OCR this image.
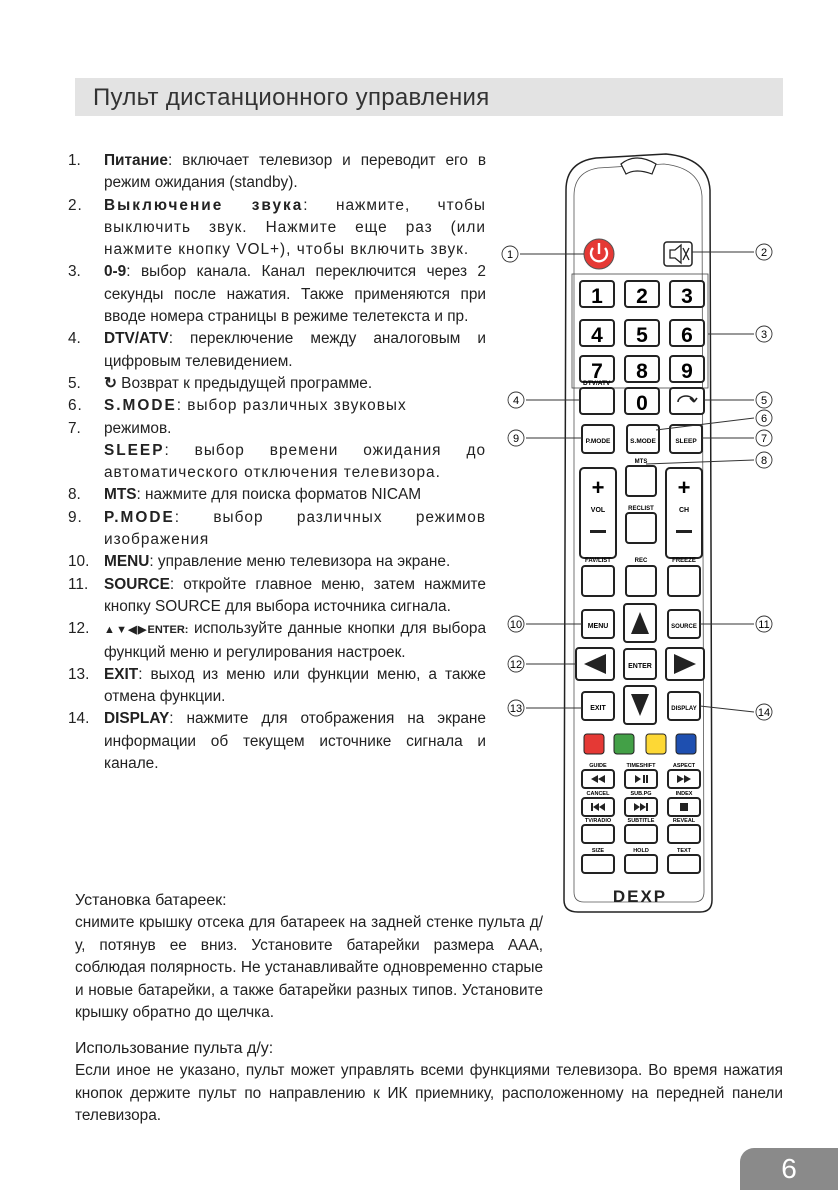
Пульт дистанционного управления
1. Питание: включает телевизор и переводит его в режим ожидания (standby).
2. Выключение звука: нажмите, чтобы выключить звук. Нажмите еще раз (или нажмите кнопку VOL+), чтобы включить звук.
3. 0-9: выбор канала. Канал переключится через 2 секунды после нажатия. Также применяются при вводе номера страницы в режиме телетекста и пр.
4. DTV/ATV: переключение между аналоговым и цифровым телевидением.
5. ↻ Возврат к предыдущей программе.
6. S.MODE: выбор различных звуковых
7. режимов.
SLEEP: выбор времени ожидания до автоматического отключения телевизора.
8. MTS: нажмите для поиска форматов NICAM
9. P.MODE: выбор различных режимов изображения
10. MENU: управление меню телевизора на экране.
11. SOURCE: откройте главное меню, затем нажмите кнопку SOURCE для выбора источника сигнала.
12. ▲▼◀▶ENTER: используйте данные кнопки для выбора функций меню и регулирования настроек.
13. EXIT: выход из меню или функции меню, а также отмена функции.
14. DISPLAY: нажмите для отображения на экране информации об текущем источнике сигнала и канале.
Установка батареек:

снимите крышку отсека для батареек на задней стенке пульта д/у, потянув ее вниз. Установите батарейки размера AAA, соблюдая полярность. Не устанавливайте одновременно старые и новые батарейки, а также батарейки разных типов. Установите крышку обратно до щелчка.

Использование пульта д/у:

Если иное не указано, пульт может управлять всеми функциями телевизора. Во время нажатия кнопок держите пульт по направлению к ИК приемнику, расположенному на передней панели телевизора.

1 2 3
4 5 6
7 8 9
DTV/ATV
0
P.MODE	S.MODE	SLEEP
+
VOL
+
CH
MTS
RECLIST
FAV/LIST	REC	FREEZE
MENU	SOURCE
ENTER
EXIT	DISPLAY
GUIDE	TIMESHIFT	ASPECT
CANCEL	SUB.PG	INDEX
TV/RADIO	SUBTITLE	REVEAL
SIZE	HOLD	TEXT
DEXP
1	2
3
4	5
6
7
8
9
10	11
12
13	14
6
